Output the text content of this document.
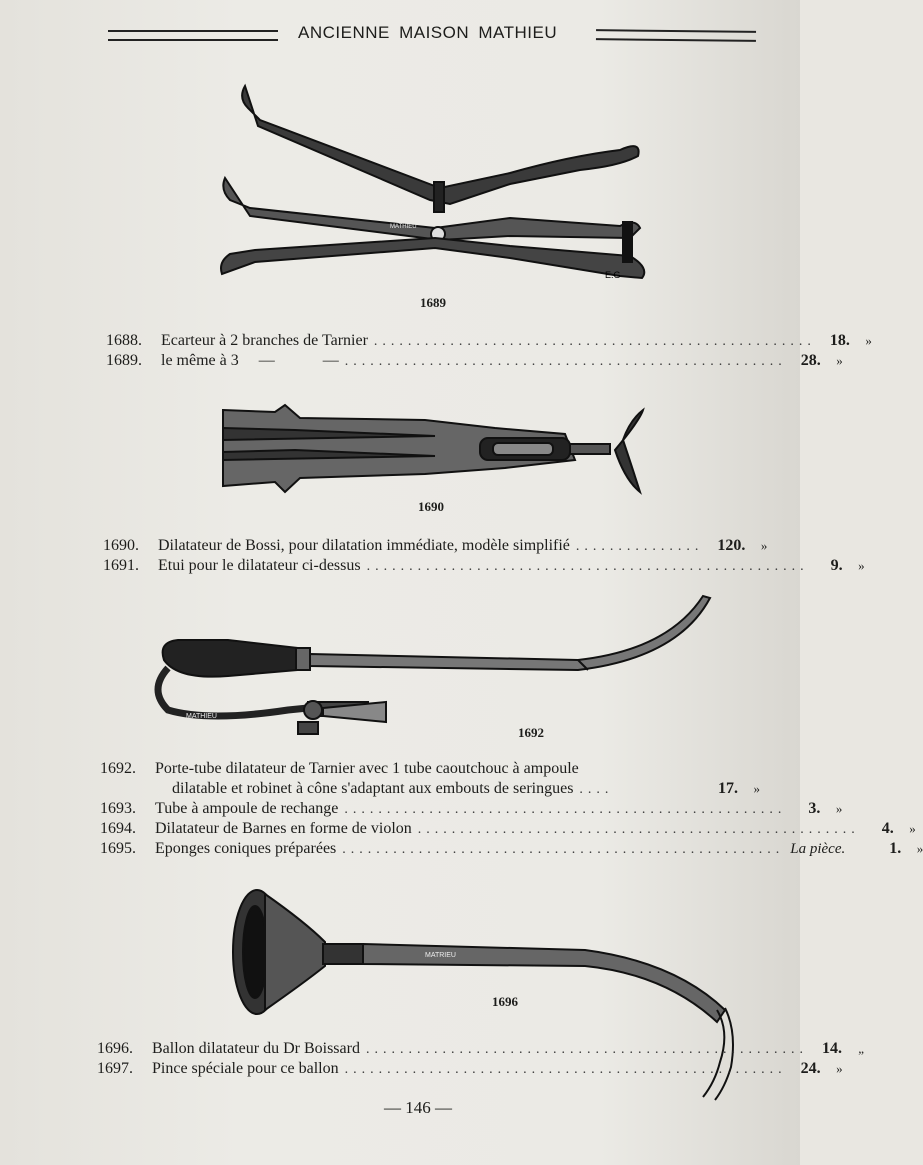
ANCIENNE MAISON MATHIEU
E.G
MATHIEU
1689
1688.	Ecarteur à 2 branches de Tarnier .................................................... 18.	»
1689.	le même à 3     —            — .................................................... 28.	»
1690
1690.	Dilatateur de Bossi, pour dilatation immédiate, modèle simplifié ............... 120.	»
1691.	Etui pour le dilatateur ci-dessus ....................................................	9.	»
MATHIEU
1692
1692.	Porte-tube dilatateur de Tarnier avec 1 tube caoutchouc à ampoule
dilatable et robinet à cône s'adaptant aux embouts de seringues ....	17.	»
1693.	Tube à ampoule de rechange ....................................................	3.	»
1694.	Dilatateur de Barnes en forme de violon ....................................................	4.	»
1695.	Eponges coniques préparées .................................................... La pièce.	1.	»
MATRIEU
1696
1696.	Ballon dilatateur du Dr Boissard .................................................... 14.	„
1697.	Pince spéciale pour ce ballon .................................................... 24.	»
— 146 —
